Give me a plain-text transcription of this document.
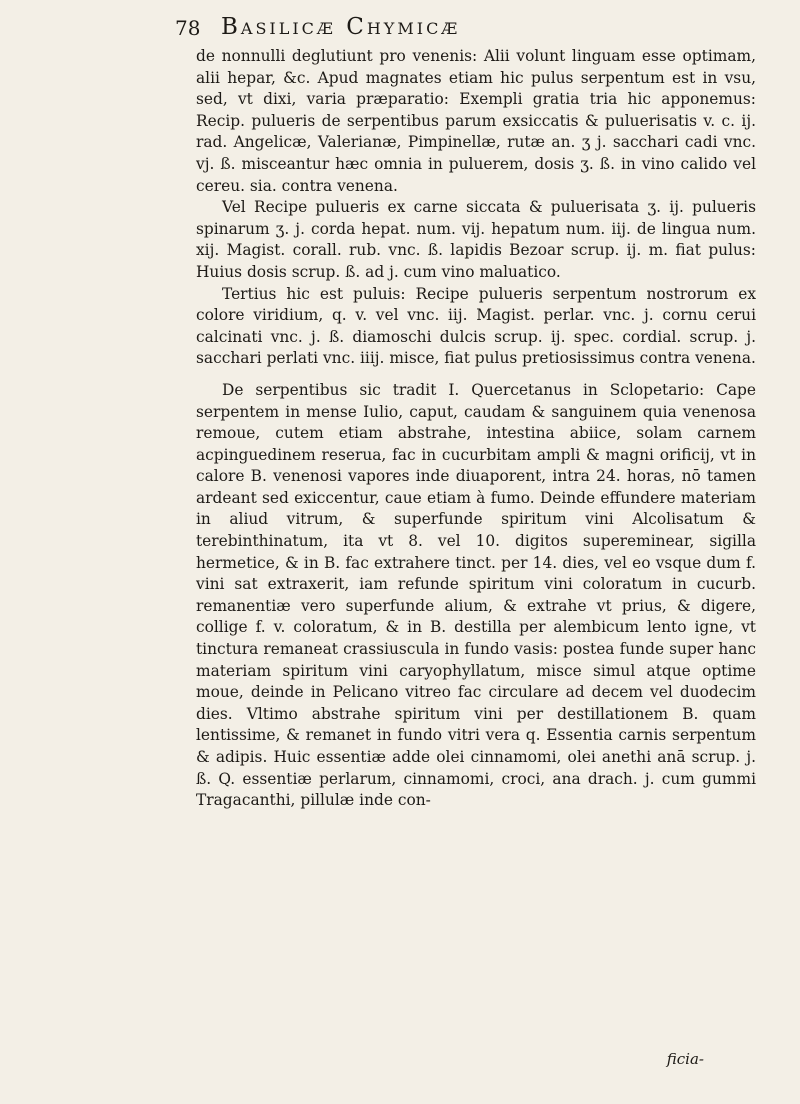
78 Basilicæ Chymicæ

de nonnulli deglutiunt pro venenis: Alii volunt linguam esse optimam, alii hepar, &c. Apud magnates etiam hic pulus serpentum est in vsu, sed, vt dixi, varia præparatio: Exempli gratia tria hic apponemus: Recip. pulueris de serpentibus parum exsiccatis & puluerisatis v. c. ij. rad. Angelicæ, Valerianæ, Pimpinellæ, rutæ an. ʒ j. sacchari cadi vnc. vj. ß. misceantur hæc omnia in puluerem, dosis ʒ. ß. in vino calido vel cereu. sia. contra venena.

Vel Recipe pulueris ex carne siccata & puluerisata ʒ. ij. pulueris spinarum ʒ. j. corda hepat. num. vij. hepatum num. iij. de lingua num. xij. Magist. corall. rub. vnc. ß. lapidis Bezoar scrup. ij. m. fiat pulus: Huius dosis scrup. ß. ad j. cum vino maluatico.

Tertius hic est puluis: Recipe pulueris serpentum nostrorum ex colore viridium, q. v. vel vnc. iij. Magist. perlar. vnc. j. cornu cerui calcinati vnc. j. ß. diamoschi dulcis scrup. ij. spec. cordial. scrup. j. sacchari perlati vnc. iiij. misce, fiat pulus pretiosissimus contra venena.

De serpentibus sic tradit I. Quercetanus in Sclopetario: Cape serpentem in mense Iulio, caput, caudam & sanguinem quia venenosa remoue, cutem etiam abstrahe, intestina abiice, solam carnem acpinguedinem reserua, fac in cucurbitam ampli & magni orificij, vt in calore B. venenosi vapores inde diuaporent, intra 24. horas, nō tamen ardeant sed exiccentur, caue etiam à fumo. Deinde effundere materiam in aliud vitrum, & superfunde spiritum vini Alcolisatum & terebinthinatum, ita vt 8. vel 10. digitos supereminear, sigilla hermetice, & in B. fac extrahere tinct. per 14. dies, vel eo vsque dum f. vini sat extraxerit, iam refunde spiritum vini coloratum in cucurb. remanentiæ vero superfunde alium, & extrahe vt prius, & digere, collige f. v. coloratum, & in B. destilla per alembicum lento igne, vt tinctura remaneat crassiuscula in fundo vasis: postea funde super hanc materiam spiritum vini caryophyllatum, misce simul atque optime moue, deinde in Pelicano vitreo fac circulare ad decem vel duodecim dies. Vltimo abstrahe spiritum vini per destillationem B. quam lentissime, & remanet in fundo vitri vera q. Essentia carnis serpentum & adipis. Huic essentiæ adde olei cinnamomi, olei anethi anā scrup. j. ß. Q. essentiæ perlarum, cinnamomi, croci, ana drach. j. cum gummi Tragacanthi, pillulæ inde con-

ficia-
